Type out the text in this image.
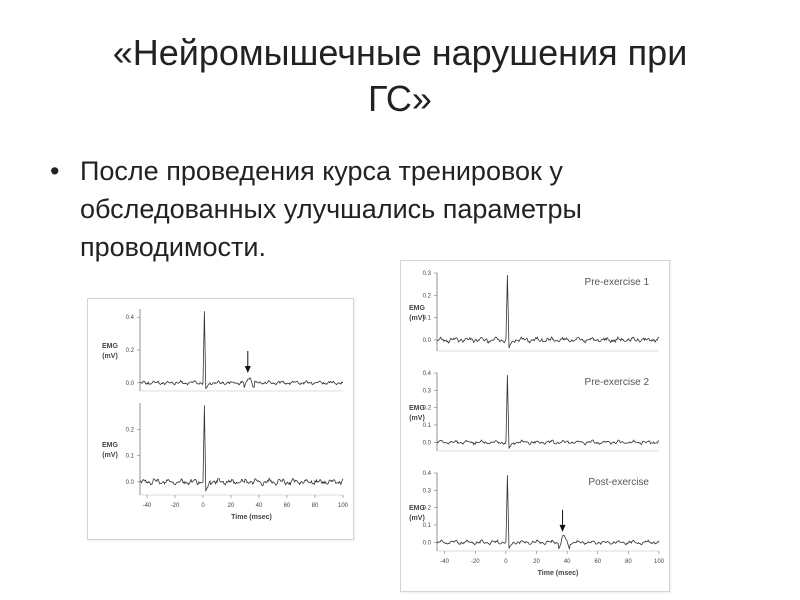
«Нейромышечные нарушения при
ГС»
• После проведения курса тренировок у
обследованных улучшались параметры
проводимости.
0.4
0.2
0.0
EMG
(mV)
0.2
0.1
0.0
EMG
(mV)
-40	-20	0	20	40	60	80	100
Time (msec)
0.3
0.2
0.1
0.0
EMG
(mV)
Pre-exercise 1
0.4
0.3
0.2
0.1
0.0
EMG
(mV)
Pre-exercise 2
0.4
0.3
0.2
0.1
0.0
EMG
(mV)
Post-exercise
-40	-20	0	20	40	60	80	100
Time (msec)
